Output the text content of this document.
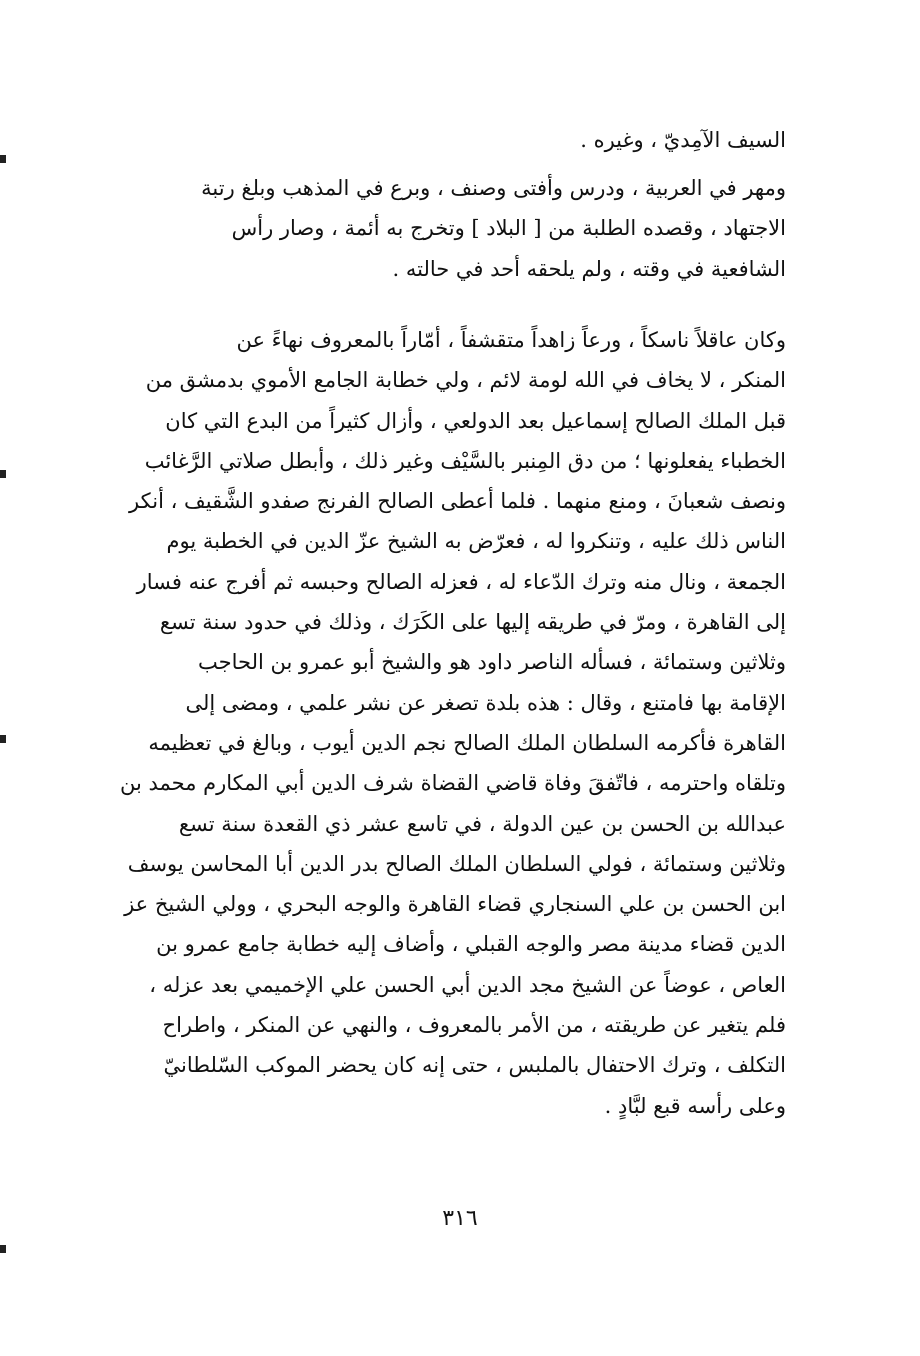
السيف الآمِديّ ، وغيره .
ومهر في العربية ، ودرس وأفتى وصنف ، وبرع في المذهب وبلغ رتبة
الاجتهاد ، وقصده الطلبة من [ البلاد ] وتخرج به أئمة ، وصار رأس
الشافعية في وقته ، ولم يلحقه أحد في حالته .
وكان عاقلاً ناسكاً ، ورعاً زاهداً متقشفاً ، أمّاراً بالمعروف نهاءً عن
المنكر ، لا يخاف في الله لومة لائم ، ولي خطابة الجامع الأموي بدمشق من
قبل الملك الصالح إسماعيل بعد الدولعي ، وأزال كثيراً من البدع التي كان
الخطباء يفعلونها ؛ من دق المِنبر بالسَّيْف وغير ذلك ، وأبطل صلاتي الرَّغائب
ونصف شعبانَ ، ومنع منهما . فلما أعطى الصالح الفرنج صفدو الشَّقيف ، أنكر
الناس ذلك عليه ، وتنكروا له ، فعرّض به الشيخ عزّ الدين في الخطبة يوم
الجمعة ، ونال منه وترك الدّعاء له ، فعزله الصالح وحبسه ثم أفرج عنه فسار
إلى القاهرة ، ومرّ في طريقه إليها على الكَرَك ، وذلك في حدود سنة تسع
وثلاثين وستمائة ، فسأله الناصر داود هو والشيخ أبو عمرو بن الحاجب
الإقامة بها فامتنع ، وقال : هذه بلدة تصغر عن نشر علمي ، ومضى إلى
القاهرة فأكرمه السلطان الملك الصالح نجم الدين أيوب ، وبالغ في تعظيمه
وتلقاه واحترمه ، فاتّفقَ وفاة قاضي القضاة شرف الدين أبي المكارم محمد بن
عبدالله بن الحسن بن عين الدولة ، في تاسع عشر ذي القعدة سنة تسع
وثلاثين وستمائة ، فولي السلطان الملك الصالح بدر الدين أبا المحاسن يوسف
ابن الحسن بن علي السنجاري قضاء القاهرة والوجه البحري ، وولي الشيخ عز
الدين قضاء مدينة مصر والوجه القبلي ، وأضاف إليه خطابة جامع عمرو بن
العاص ، عوضاً عن الشيخ مجد الدين أبي الحسن علي الإخميمي بعد عزله ،
فلم يتغير عن طريقته ، من الأمر بالمعروف ، والنهي عن المنكر ، واطراح
التكلف ، وترك الاحتفال بالملبس ، حتى إنه كان يحضر الموكب السّلطانيّ
وعلى رأسه قبع لبَّادٍ .
٣١٦
